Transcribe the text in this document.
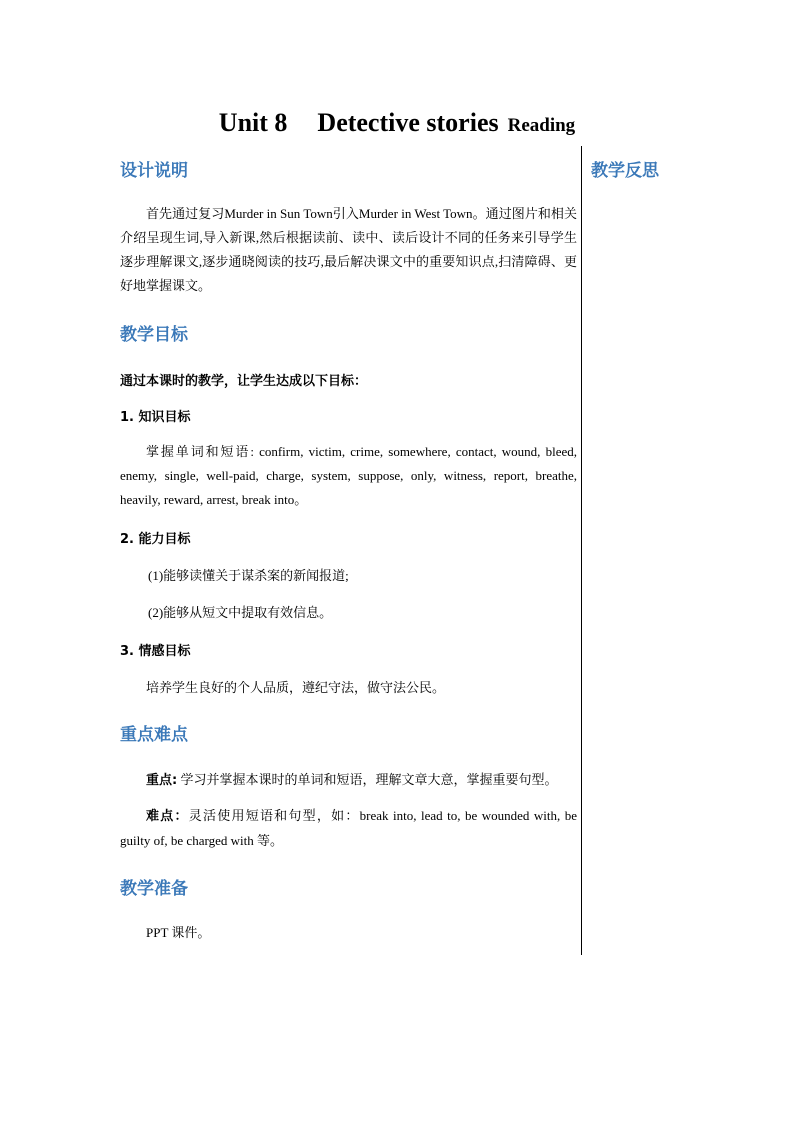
Unit 8 Detective stories Reading
教学反思
设计说明
首先通过复习Murder in Sun Town引入Murder in West Town。通过图片和相关介绍呈现生词,导入新课,然后根据读前、读中、读后设计不同的任务来引导学生逐步理解课文,逐步通晓阅读的技巧,最后解决课文中的重要知识点,扫清障碍、更好地掌握课文。
教学目标
通过本课时的教学，让学生达成以下目标：
1. 知识目标
掌握单词和短语: confirm, victim, crime, somewhere, contact, wound, bleed, enemy, single, well-paid, charge, system, suppose, only, witness, report, breathe, heavily, reward, arrest, break into。
2. 能力目标
(1)能够读懂关于谋杀案的新闻报道;
(2)能够从短文中提取有效信息。
3. 情感目标
培养学生良好的个人品质，遵纪守法，做守法公民。
重点难点
重点: 学习并掌握本课时的单词和短语，理解文章大意，掌握重要句型。
难点：灵活使用短语和句型，如：break into, lead to, be wounded with, be guilty of, be charged with 等。
教学准备
PPT 课件。
